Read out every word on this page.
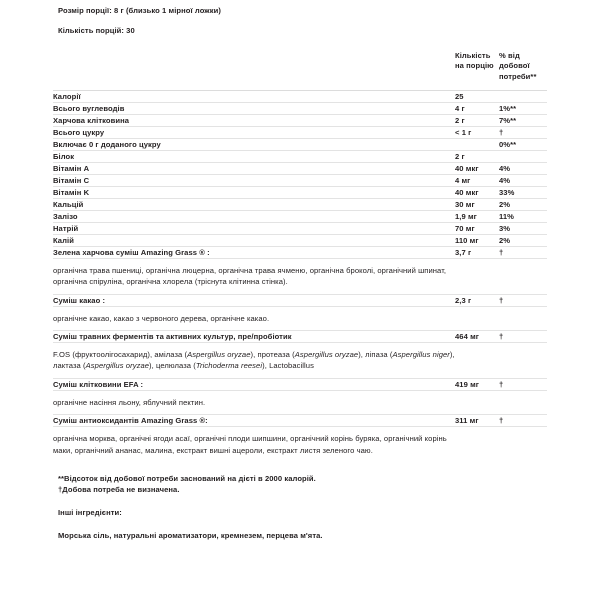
Розмір порції: 8 г (близько 1 мірної ложки)
Кількість порцій: 30
	Кількість на порцію	% від добової потреби**
Калорії	25	
Всього вуглеводів	4 г	1%**
Харчова клітковина	2 г	7%**
Всього цукру	< 1 г	†
Включає 0 г доданого цукру		0%**
Білок	2 г	
Вітамін A	40 мкг	4%
Вітамін C	4 мг	4%
Вітамін K	40 мкг	33%
Кальцій	30 мг	2%
Залізо	1,9 мг	11%
Натрій	70 мг	3%
Калій	110 мг	2%
Зелена харчова суміш Amazing Grass ® :	3,7 г	†
органічна трава пшениці, органічна люцерна, органічна трава ячменю, органічна броколі, органічний шпинат, органічна спіруліна, органічна хлорела (тріснута клітинна стінка).		
Суміш какао :	2,3 г	†
органічне какао, какао з червоного дерева, органічне какао.		
Суміш травних ферментів та активних культур, пре/пробіотик	464 мг	†
F.OS (фруктоолігосахарид), амілаза (Aspergillus oryzae), протеаза (Aspergillus oryzae), ліпаза (Aspergillus niger), лактаза (Aspergillus oryzae), целюлаза (Trichoderma reesei), Lactobacillus		
Суміш клітковини EFA :	419 мг	†
органічне насіння льону, яблучний пектин.		
Суміш антиоксидантів Amazing Grass ®:	311 мг	†
органічна морква, органічні ягоди асаї, органічні плоди шипшини, органічний корінь буряка, органічний корінь маки, органічний ананас, малина, екстракт вишні ацероли, екстракт листя зеленого чаю.		
**Відсоток від добової потреби заснований на дієті в 2000 калорій.
†Добова потреба не визначена.
Інші інгредієнти:
Морська сіль, натуральні ароматизатори, кремнезем, перцева м'ята.
